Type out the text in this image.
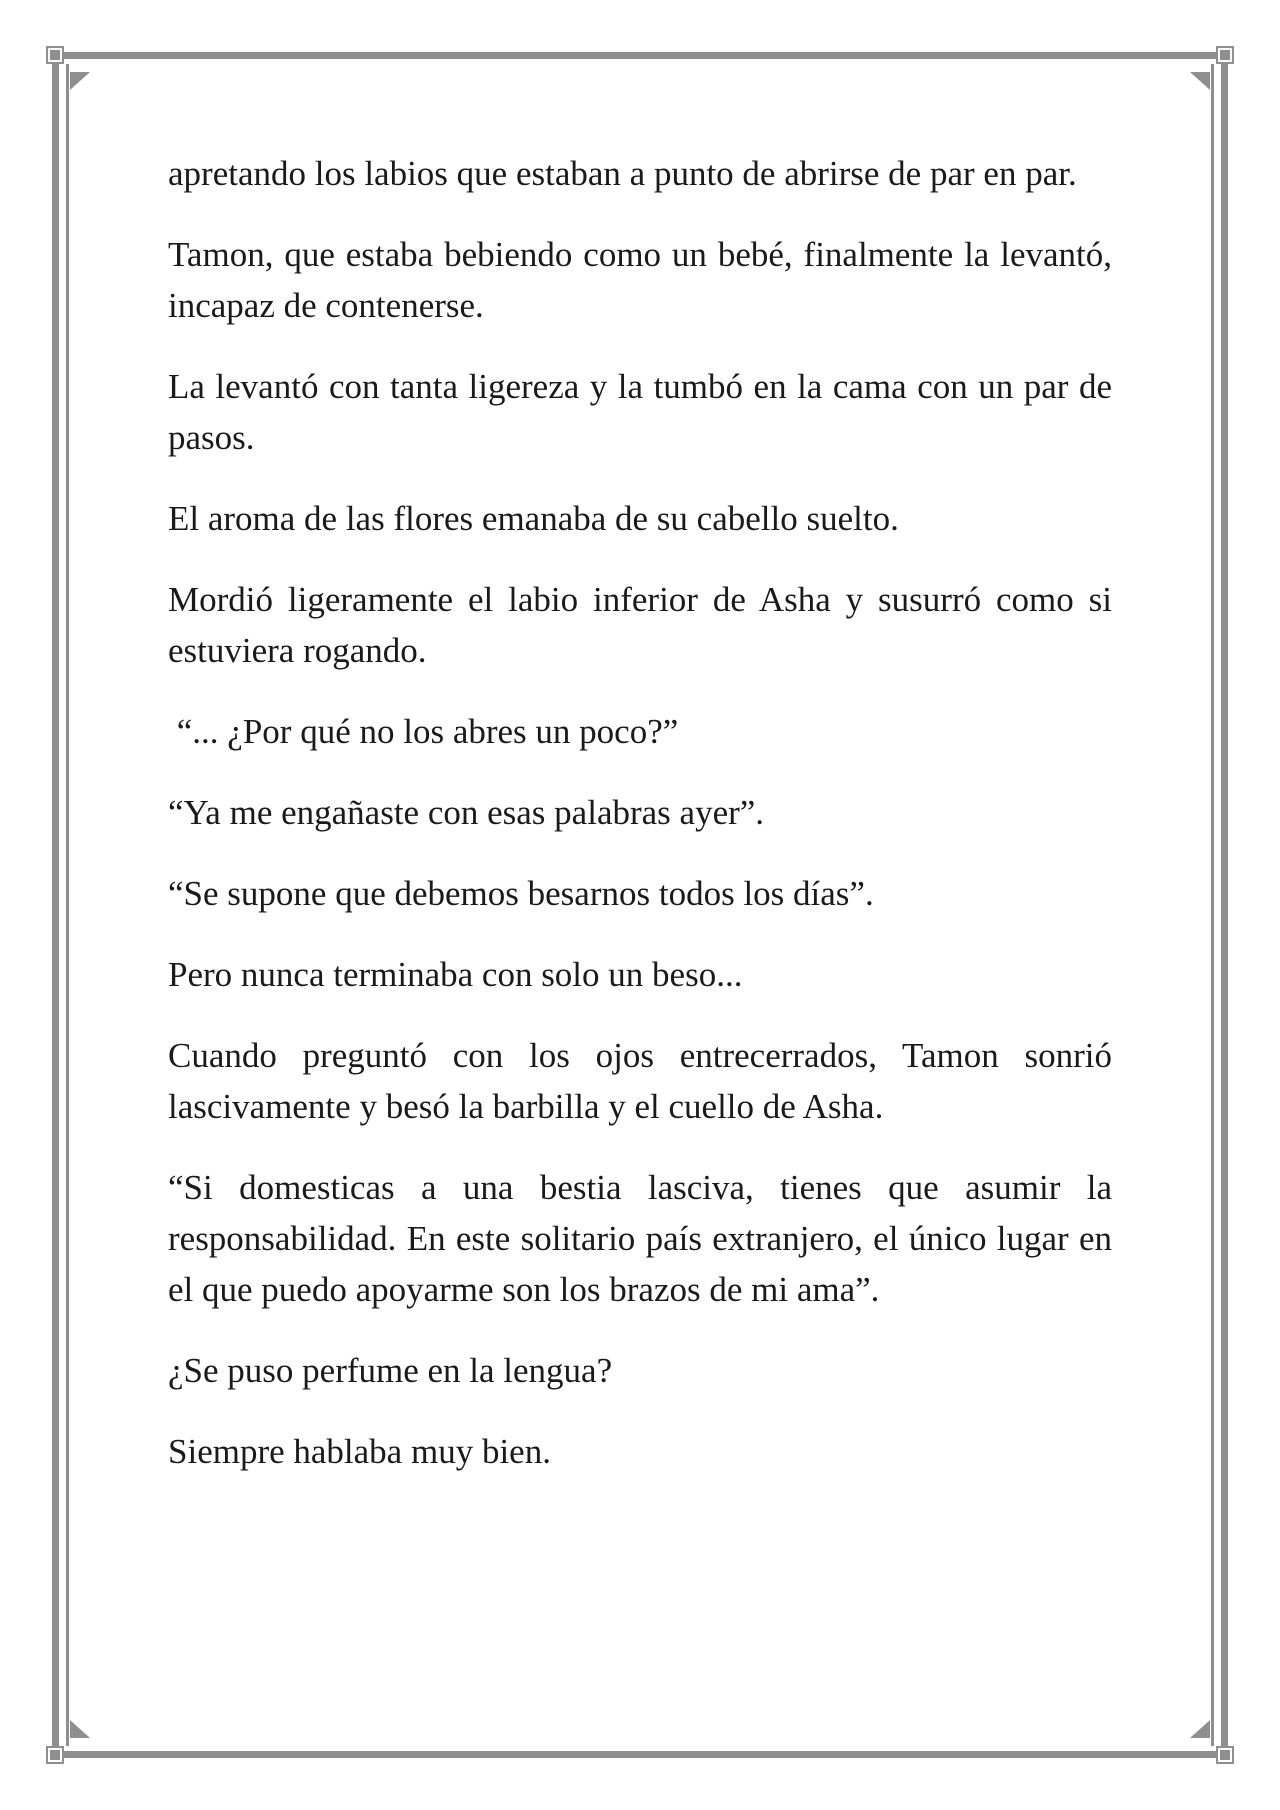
apretando los labios que estaban a punto de abrirse de par en par.

Tamon, que estaba bebiendo como un bebé, finalmente la levantó, incapaz de contenerse.

La levantó con tanta ligereza y la tumbó en la cama con un par de pasos.

El aroma de las flores emanaba de su cabello suelto.

Mordió ligeramente el labio inferior de Asha y susurró como si estuviera rogando.

“... ¿Por qué no los abres un poco?”

“Ya me engañaste con esas palabras ayer”.

“Se supone que debemos besarnos todos los días”.

Pero nunca terminaba con solo un beso...

Cuando preguntó con los ojos entrecerrados, Tamon sonrió lascivamente y besó la barbilla y el cuello de Asha.

“Si domesticas a una bestia lasciva, tienes que asumir la responsabilidad. En este solitario país extranjero, el único lugar en el que puedo apoyarme son los brazos de mi ama”.

¿Se puso perfume en la lengua?

Siempre hablaba muy bien.
